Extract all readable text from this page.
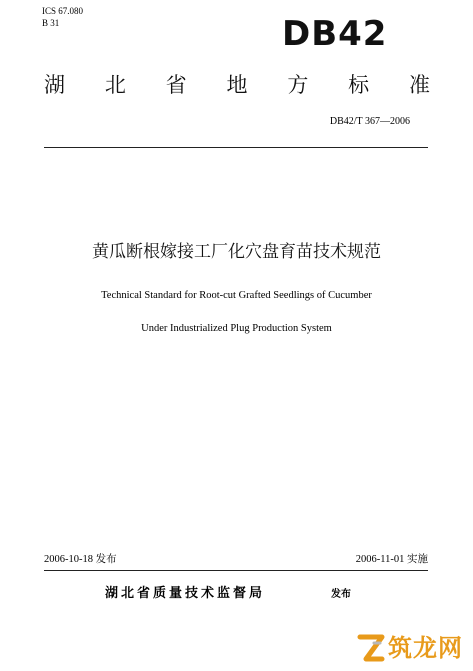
ICS 67.080
B 31	DB42
湖 北 省 地 方 标 准
DB42/T 367—2006
黄瓜断根嫁接工厂化穴盘育苗技术规范
Technical Standard for Root-cut Grafted Seedlings of Cucumber
Under Industrialized Plug Production System
2006-10-18 发布	2006-11-01 实施
湖北省质量技术监督局	发布
筑龙网
